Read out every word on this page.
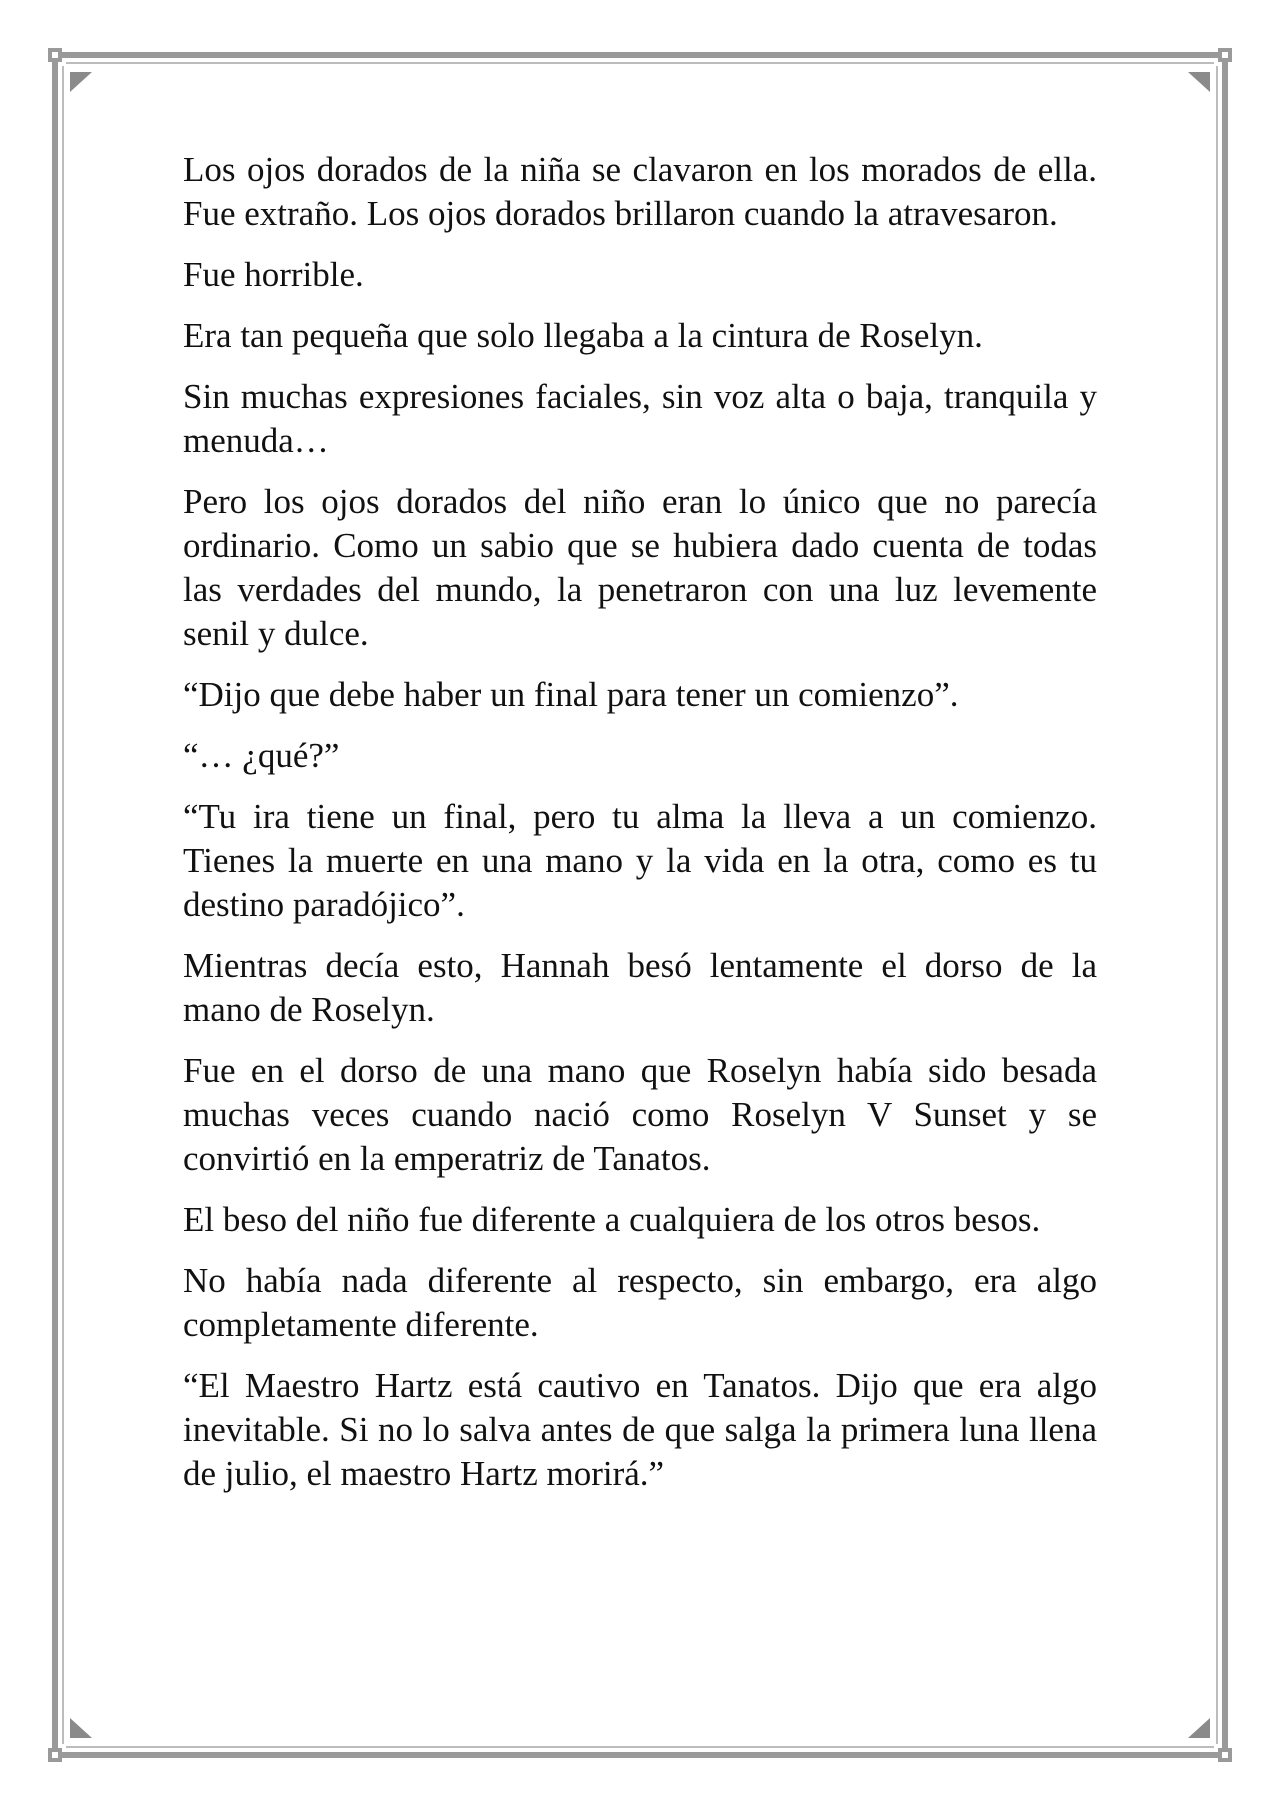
Los ojos dorados de la niña se clavaron en los morados de ella. Fue extraño. Los ojos dorados brillaron cuando la atravesaron.

Fue horrible.

Era tan pequeña que solo llegaba a la cintura de Roselyn.

Sin muchas expresiones faciales, sin voz alta o baja, tranquila y menuda…

Pero los ojos dorados del niño eran lo único que no parecía ordinario. Como un sabio que se hubiera dado cuenta de todas las verdades del mundo, la penetraron con una luz levemente senil y dulce.

“Dijo que debe haber un final para tener un comienzo”.

“… ¿qué?”

“Tu ira tiene un final, pero tu alma la lleva a un comienzo. Tienes la muerte en una mano y la vida en la otra, como es tu destino paradójico”.

Mientras decía esto, Hannah besó lentamente el dorso de la mano de Roselyn.

Fue en el dorso de una mano que Roselyn había sido besada muchas veces cuando nació como Roselyn V Sunset y se convirtió en la emperatriz de Tanatos.

El beso del niño fue diferente a cualquiera de los otros besos.

No había nada diferente al respecto, sin embargo, era algo completamente diferente.

“El Maestro Hartz está cautivo en Tanatos. Dijo que era algo inevitable. Si no lo salva antes de que salga la primera luna llena de julio, el maestro Hartz morirá.”
